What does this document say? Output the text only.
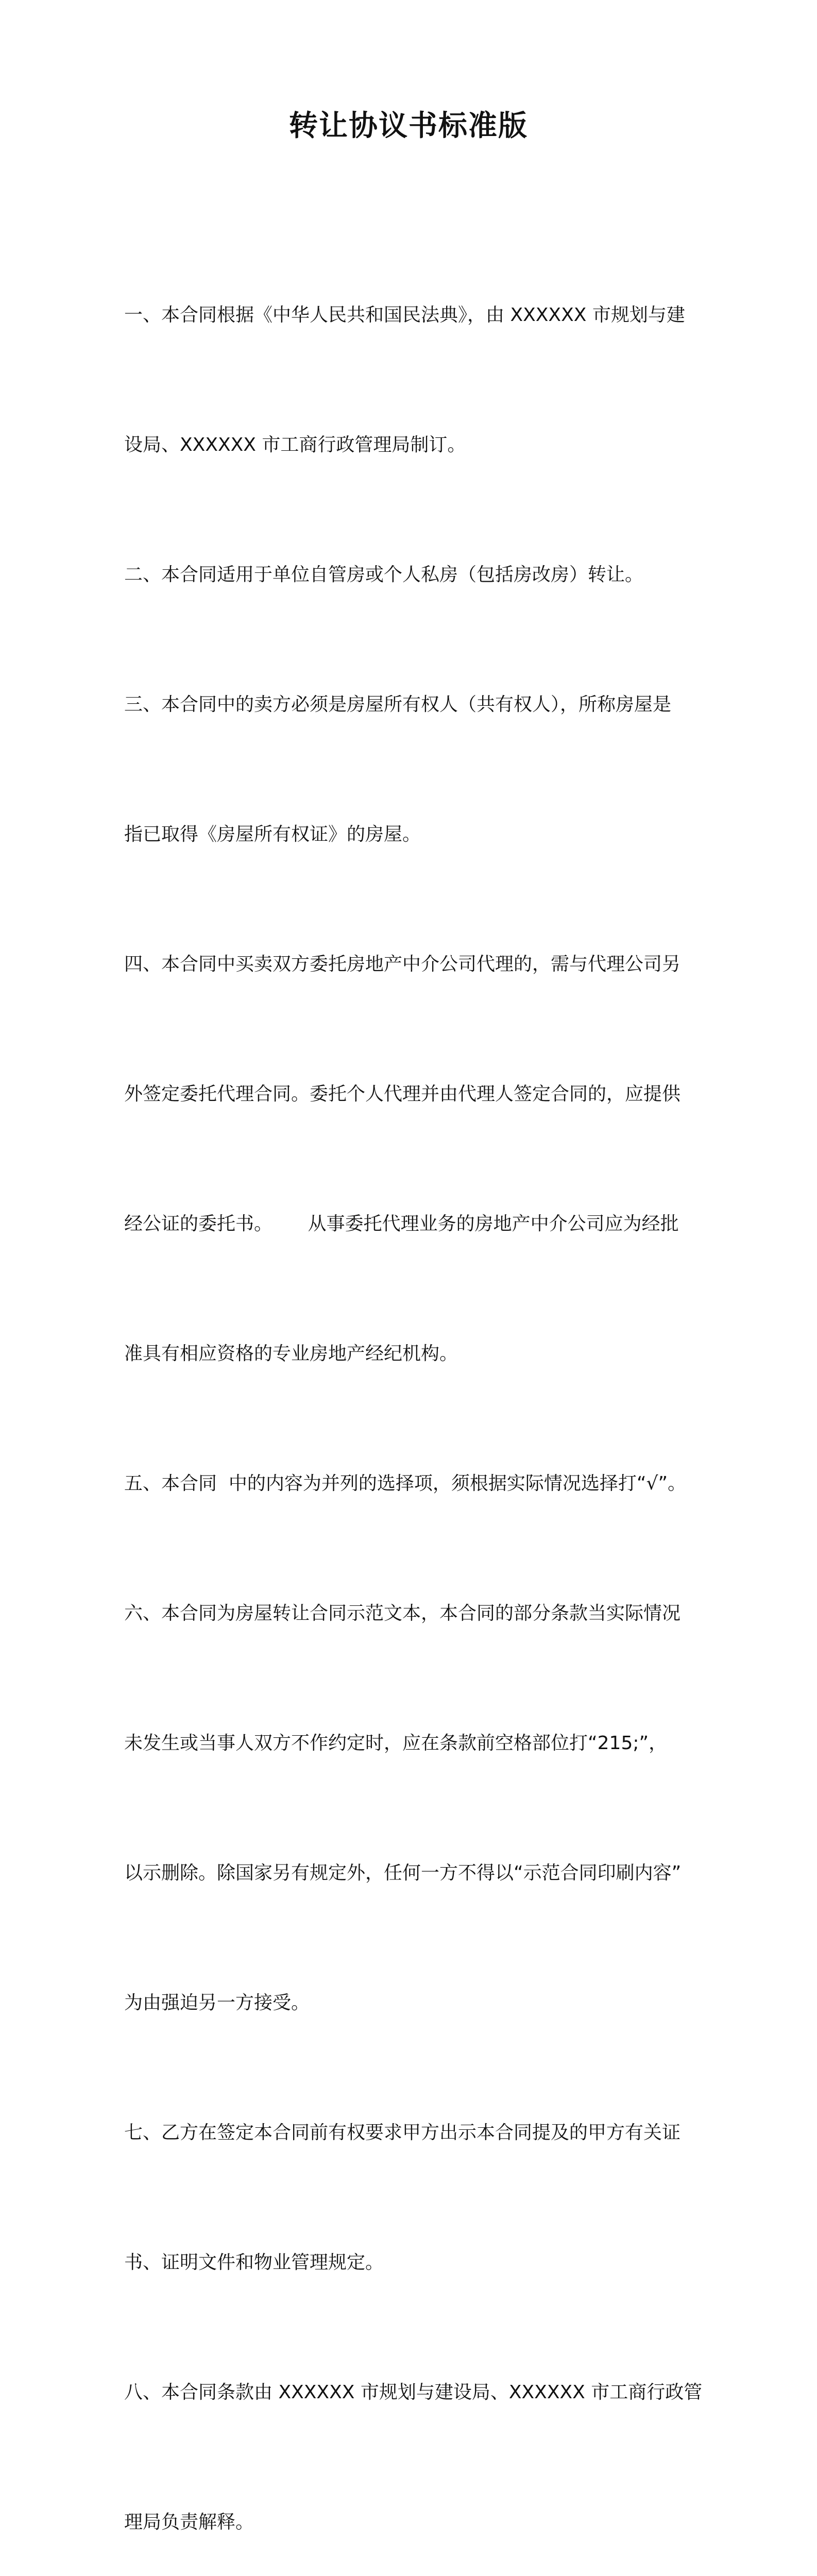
转让协议书标准版

一、本合同根据《中华人民共和国民法典》，由 XXXXXX 市规划与建

设局、XXXXXX 市工商行政管理局制订。

二、本合同适用于单位自管房或个人私房（包括房改房）转让。

三、本合同中的卖方必须是房屋所有权人（共有权人），所称房屋是

指已取得《房屋所有权证》的房屋。

四、本合同中买卖双方委托房地产中介公司代理的，需与代理公司另

外签定委托代理合同。委托个人代理并由代理人签定合同的，应提供

经公证的委托书。      从事委托代理业务的房地产中介公司应为经批

准具有相应资格的专业房地产经纪机构。

五、本合同  中的内容为并列的选择项，须根据实际情况选择打“√”。

六、本合同为房屋转让合同示范文本，本合同的部分条款当实际情况

未发生或当事人双方不作约定时，应在条款前空格部位打“215;”，

以示删除。除国家另有规定外，任何一方不得以“示范合同印刷内容”

为由强迫另一方接受。

七、乙方在签定本合同前有权要求甲方出示本合同提及的甲方有关证

书、证明文件和物业管理规定。

八、本合同条款由 XXXXXX 市规划与建设局、XXXXXX 市工商行政管

理局负责解释。
